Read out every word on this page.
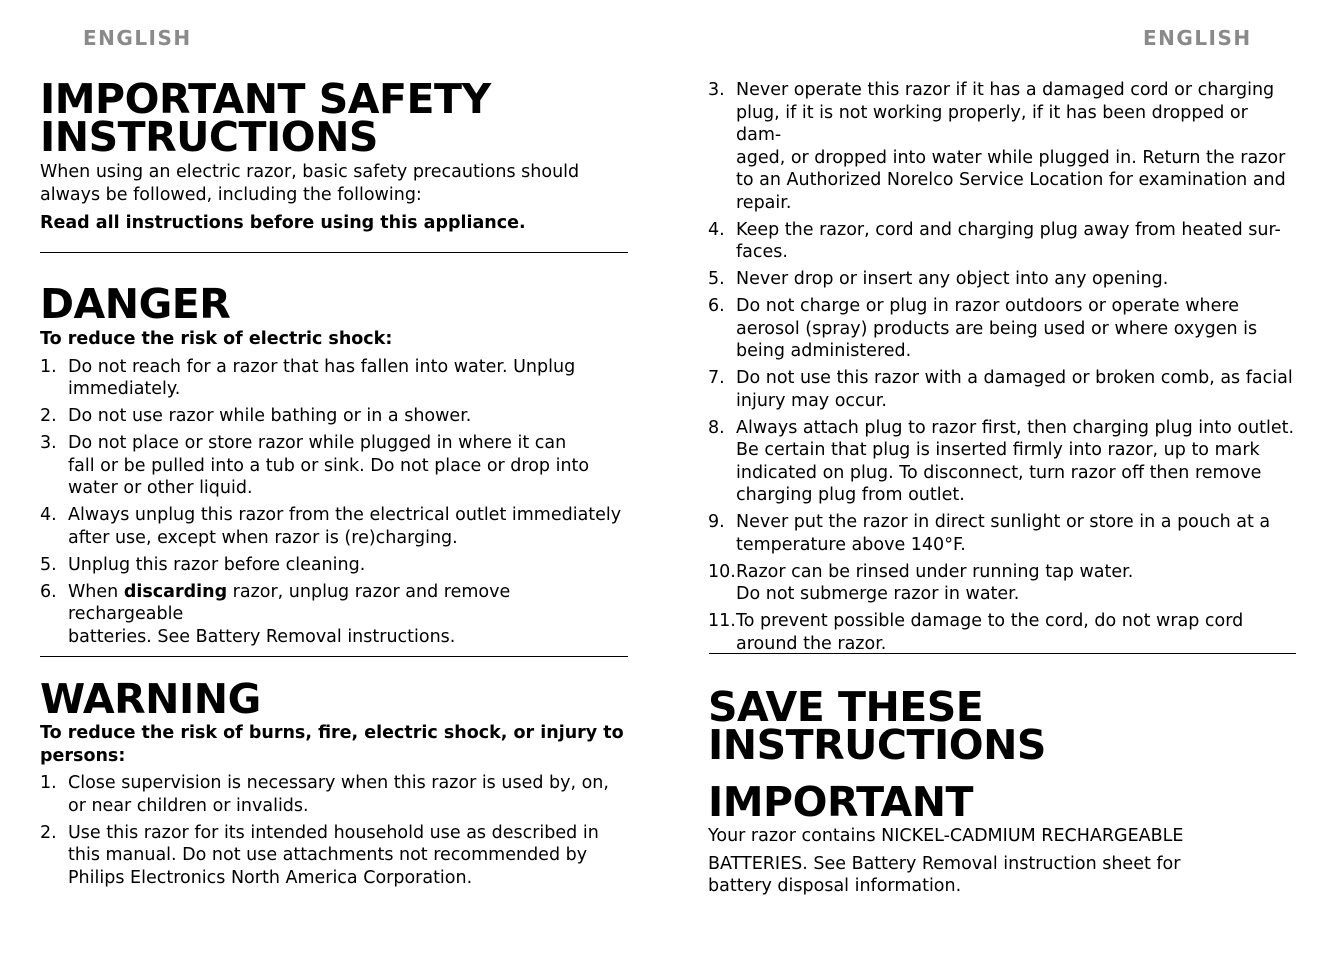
ENGLISH
IMPORTANT SAFETY
INSTRUCTIONS

When using an electric razor, basic safety precautions should
always be followed, including the following:

Read all instructions before using this appliance.

DANGER

To reduce the risk of electric shock:

1. Do not reach for a razor that has fallen into water. Unplug
immediately.
2. Do not use razor while bathing or in a shower.
3. Do not place or store razor while plugged in where it can
fall or be pulled into a tub or sink. Do not place or drop into
water or other liquid.
4. Always unplug this razor from the electrical outlet immediately
after use, except when razor is (re)charging.
5. Unplug this razor before cleaning.
6. When discarding razor, unplug razor and remove rechargeable
batteries. See Battery Removal instructions.
WARNING

To reduce the risk of burns, fire, electric shock, or injury to
persons:

1. Close supervision is necessary when this razor is used by, on,
or near children or invalids.
2. Use this razor for its intended household use as described in
this manual. Do not use attachments not recommended by
Philips Electronics North America Corporation.
ENGLISH
3. Never operate this razor if it has a damaged cord or charging
plug, if it is not working properly, if it has been dropped or dam-
aged, or dropped into water while plugged in. Return the razor
to an Authorized Norelco Service Location for examination and
repair.
4. Keep the razor, cord and charging plug away from heated sur-
faces.
5. Never drop or insert any object into any opening.
6. Do not charge or plug in razor outdoors or operate where
aerosol (spray) products are being used or where oxygen is
being administered.
7. Do not use this razor with a damaged or broken comb, as facial
injury may occur.
8. Always attach plug to razor first, then charging plug into outlet.
Be certain that plug is inserted firmly into razor, up to mark
indicated on plug. To disconnect, turn razor off then remove
charging plug from outlet.
9. Never put the razor in direct sunlight or store in a pouch at a
temperature above 140°F.
10. Razor can be rinsed under running tap water.
Do not submerge razor in water.
11. To prevent possible damage to the cord, do not wrap cord
around the razor.
SAVE THESE
INSTRUCTIONS
IMPORTANT

Your razor contains NICKEL-CADMIUM RECHARGEABLE

BATTERIES. See Battery Removal instruction sheet for
battery disposal information.
